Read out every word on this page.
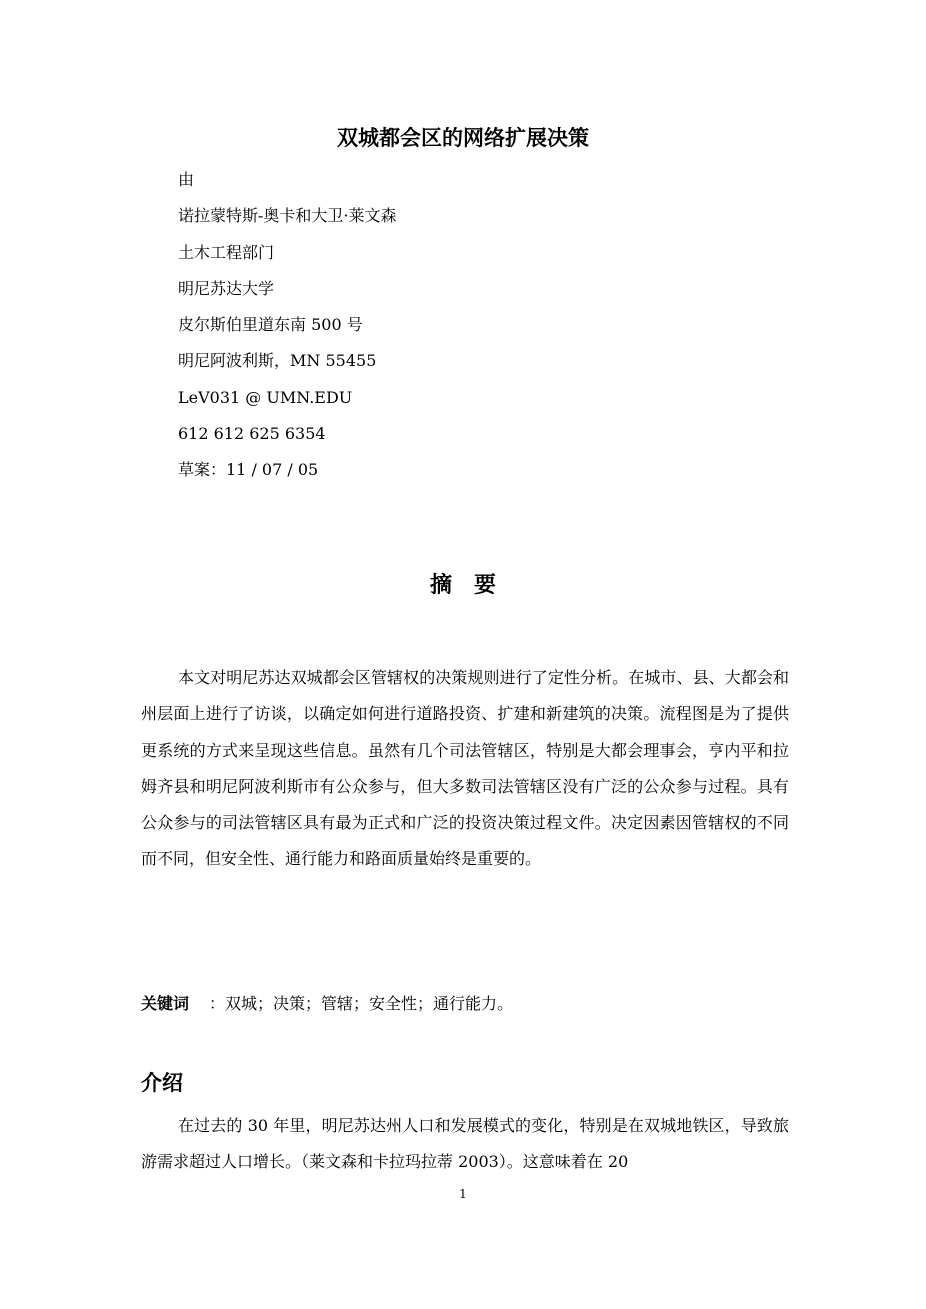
双城都会区的网络扩展决策
由
诺拉蒙特斯-奥卡和大卫·莱文森
土木工程部门
明尼苏达大学
皮尔斯伯里道东南 500 号
明尼阿波利斯，MN 55455
LeV031 @ UMN.EDU
612 612 625 6354
草案：11 / 07 / 05
摘要

本文对明尼苏达双城都会区管辖权的决策规则进行了定性分析。在城市、县、大都会和州层面上进行了访谈，以确定如何进行道路投资、扩建和新建筑的决策。流程图是为了提供更系统的方式来呈现这些信息。虽然有几个司法管辖区，特别是大都会理事会，亨内平和拉姆齐县和明尼阿波利斯市有公众参与，但大多数司法管辖区没有广泛的公众参与过程。具有公众参与的司法管辖区具有最为正式和广泛的投资决策过程文件。决定因素因管辖权的不同而不同，但安全性、通行能力和路面质量始终是重要的。

关键词 ：双城；决策；管辖；安全性；通行能力。

介绍

在过去的 30 年里，明尼苏达州人口和发展模式的变化，特别是在双城地铁区，导致旅游需求超过人口增长。（莱文森和卡拉玛拉蒂 2003）。这意味着在 20

1
